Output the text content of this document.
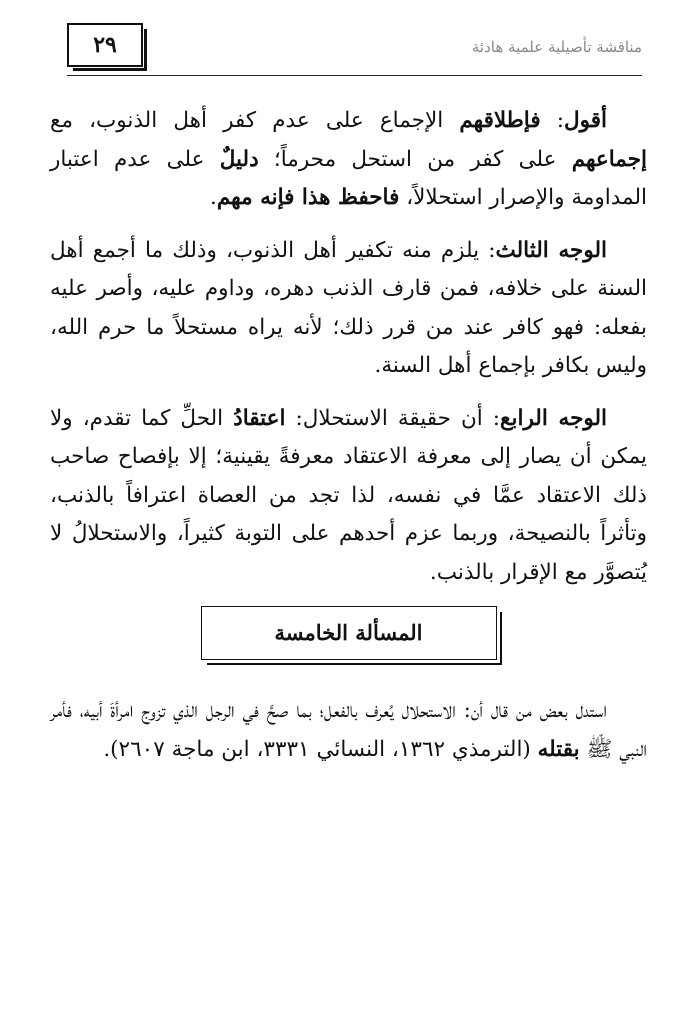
٢٩	مناقشة تأصيلية علمية هادئة

أقول: فإطلاقهم الإجماع على عدم كفر أهل الذنوب، مع إجماعهم على كفر من استحل محرماً؛ دليلٌ على عدم اعتبار المداومة والإصرار استحلالاً، فاحفظ هذا فإنه مهم.

الوجه الثالث: يلزم منه تكفير أهل الذنوب، وذلك ما أجمع أهل السنة على خلافه، فمن قارف الذنب دهره، وداوم عليه، وأصر عليه بفعله: فهو كافر عند من قرر ذلك؛ لأنه يراه مستحلاً ما حرم الله، وليس بكافر بإجماع أهل السنة.

الوجه الرابع: أن حقيقة الاستحلال: اعتقادُ الحلِّ كما تقدم، ولا يمكن أن يصار إلى معرفة الاعتقاد معرفةً يقينية؛ إلا بإفصاح صاحب ذلك الاعتقاد عمَّا في نفسه، لذا تجد من العصاة اعترافاً بالذنب، وتأثراً بالنصيحة، وربما عزم أحدهم على التوبة كثيراً، والاستحلالُ لا يُتصوَّر مع الإقرار بالذنب.

المسألة الخامسة

استدل بعض من قال أن: الاستحلال يُعرف بالفعل؛ بما صحَّ في الرجل الذي تزوج امرأةَ أبيه، فأمر النبي ﷺ بقتله (الترمذي ١٣٦٢، النسائي ٣٣٣١، ابن ماجة ٢٦٠٧).
